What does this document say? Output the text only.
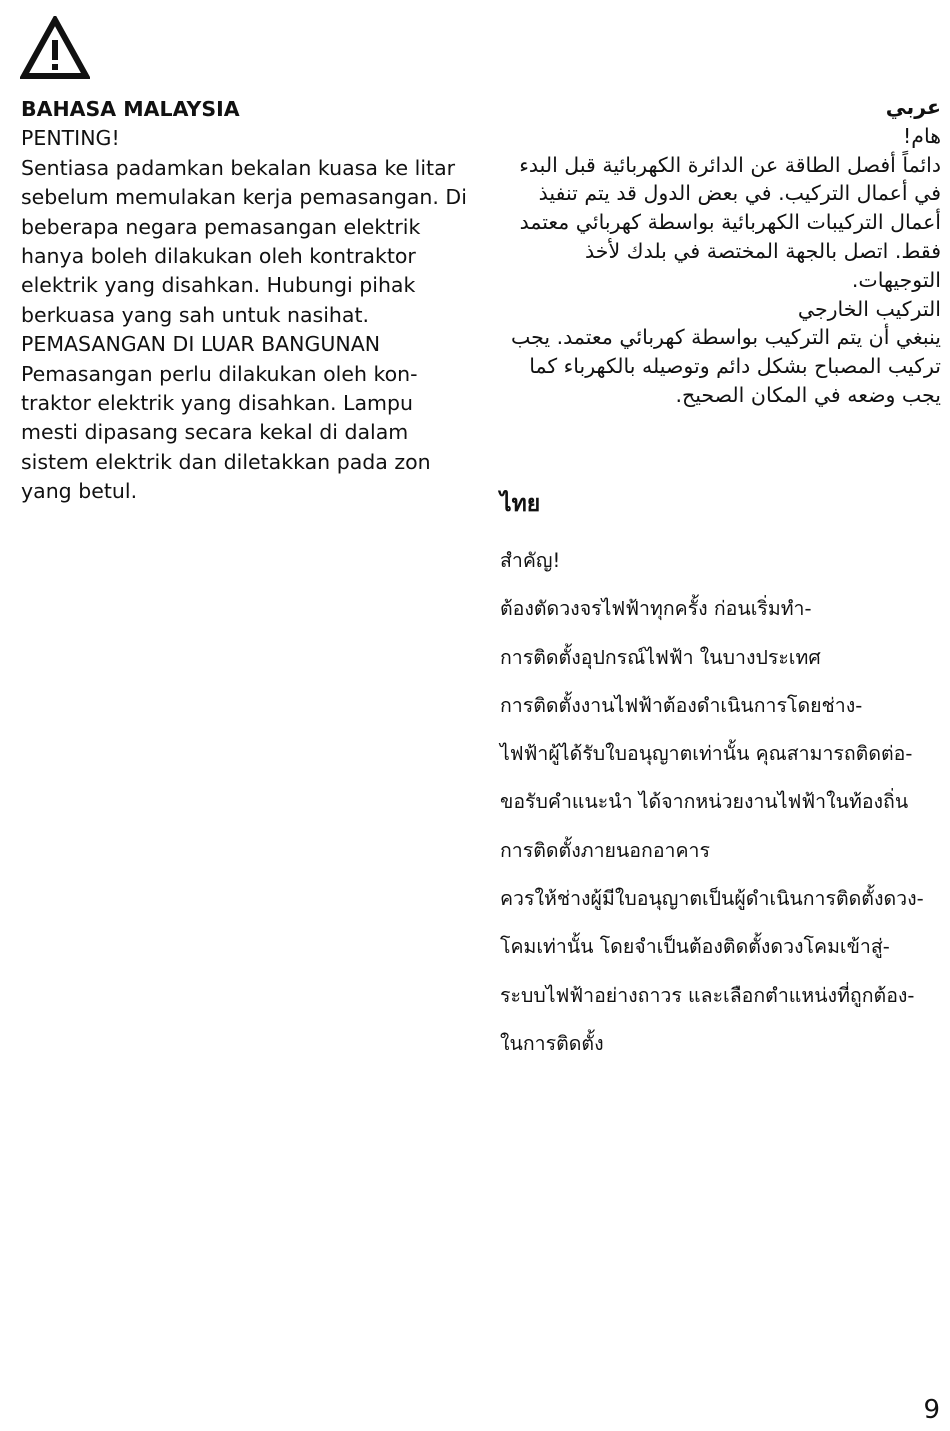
BAHASA MALAYSIA
PENTING!
Sentiasa padamkan bekalan kuasa ke litar sebelum memulakan kerja pemasangan. Di beberapa negara pemasangan elektrik hanya boleh dilakukan oleh kontraktor elektrik yang disahkan. Hubungi pihak berkuasa yang sah untuk nasihat.
PEMASANGAN DI LUAR BANGUNAN
Pemasangan perlu dilakukan oleh kon-traktor elektrik yang disahkan. Lampu mesti dipasang secara kekal di dalam sistem elektrik dan diletakkan pada zon yang betul.
عربي
هام!
دائماً أفصل الطاقة عن الدائرة الكهربائية قبل البدء في أعمال التركيب. في بعض الدول قد يتم تنفيذ أعمال التركيبات الكهربائية بواسطة كهربائي معتمد فقط. اتصل بالجهة المختصة في بلدك لأخذ التوجيهات.
التركيب الخارجي
ينبغي أن يتم التركيب بواسطة كهربائي معتمد. يجب تركيب المصباح بشكل دائم وتوصيله بالكهرباء كما يجب وضعه في المكان الصحيح.
ไทย
สำคัญ!
ต้องตัดวงจรไฟฟ้าทุกครั้ง ก่อนเริ่มทำ-
การติดตั้งอุปกรณ์ไฟฟ้า ในบางประเทศ
การติดตั้งงานไฟฟ้าต้องดำเนินการโดยช่าง-
ไฟฟ้าผู้ได้รับใบอนุญาตเท่านั้น คุณสามารถติดต่อ-
ขอรับคำแนะนำ ได้จากหน่วยงานไฟฟ้าในท้องถิ่น
การติดตั้งภายนอกอาคาร
ควรให้ช่างผู้มีใบอนุญาตเป็นผู้ดำเนินการติดตั้งดวง-
โคมเท่านั้น โดยจำเป็นต้องติดตั้งดวงโคมเข้าสู่-
ระบบไฟฟ้าอย่างถาวร และเลือกตำแหน่งที่ถูกต้อง-
ในการติดตั้ง
9
